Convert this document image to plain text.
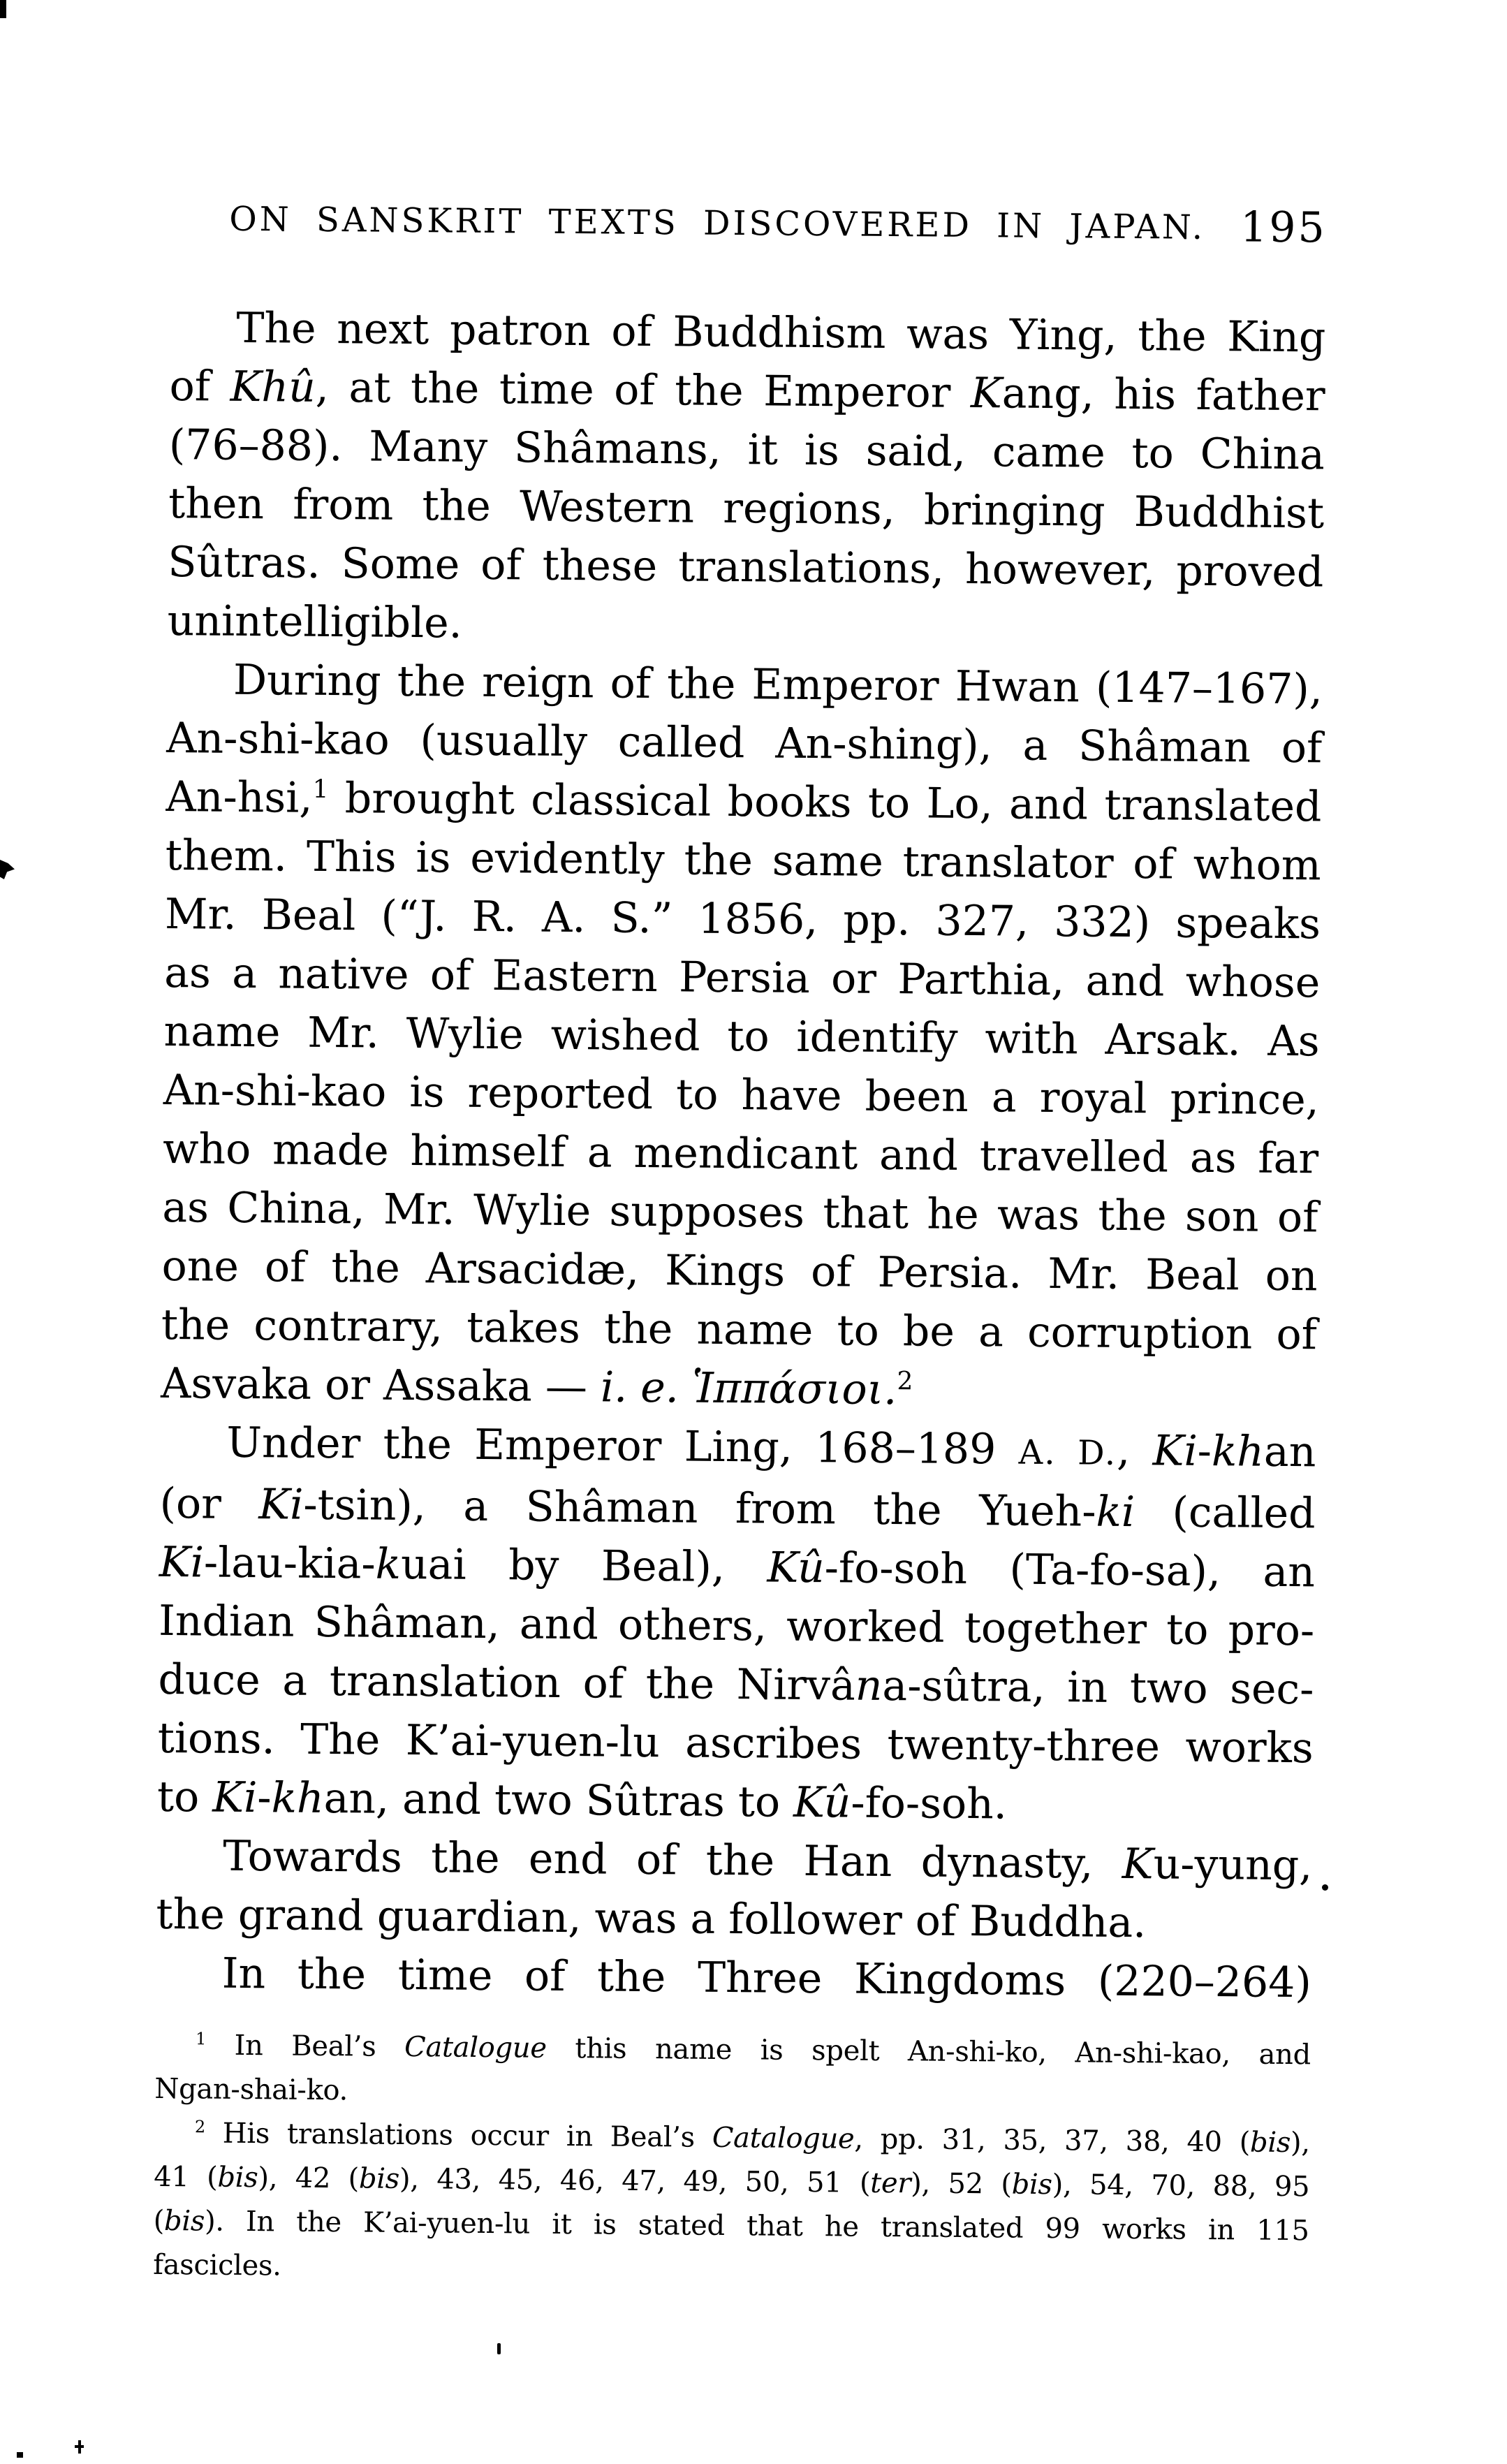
ON SANSKRIT TEXTS DISCOVERED IN JAPAN. 195
The next patron of Buddhism was Ying, the King
of Khû, at the time of the Emperor Kang, his father
(76–88). Many Shâmans, it is said, came to China
then from the Western regions, bringing Buddhist
Sûtras. Some of these translations, however, proved
unintelligible.
During the reign of the Emperor Hwan (147–167),
An-shi-kao (usually called An-shing), a Shâman of
An-hsi,$^1$ brought classical books to Lo, and translated
them. This is evidently the same translator of whom
Mr. Beal (“J. R. A. S.” 1856, pp. 327, 332) speaks
as a native of Eastern Persia or Parthia, and whose
name Mr. Wylie wished to identify with Arsak. As
An-shi-kao is reported to have been a royal prince,
who made himself a mendicant and travelled as far
as China, Mr. Wylie supposes that he was the son of
one of the Arsacidæ, Kings of Persia. Mr. Beal on
the contrary, takes the name to be a corruption of
Asvaka or Assaka — i. e. Ἱππάσιοι.$^2$
Under the Emperor Ling, 168–189 A. D., Ki-khan
(or Ki-tsin), a Shâman from the Yueh-ki (called
Ki-lau-kia-kuai by Beal), Kû-fo-soh (Ta-fo-sa), an
Indian Shâman, and others, worked together to pro-
duce a translation of the Nirvâna-sûtra, in two sec-
tions. The K’ai-yuen-lu ascribes twenty-three works
to Ki-khan, and two Sûtras to Kû-fo-soh.
Towards the end of the Han dynasty, Ku-yung,
the grand guardian, was a follower of Buddha.
In the time of the Three Kingdoms (220–264)
$^1$ In Beal’s Catalogue this name is spelt An-shi-ko, An-shi-kao, and
Ngan-shai-ko.
$^2$ His translations occur in Beal’s Catalogue, pp. 31, 35, 37, 38, 40 (bis),
41 (bis), 42 (bis), 43, 45, 46, 47, 49, 50, 51 (ter), 52 (bis), 54, 70, 88, 95
(bis). In the K’ai-yuen-lu it is stated that he translated 99 works in 115
fascicles.
